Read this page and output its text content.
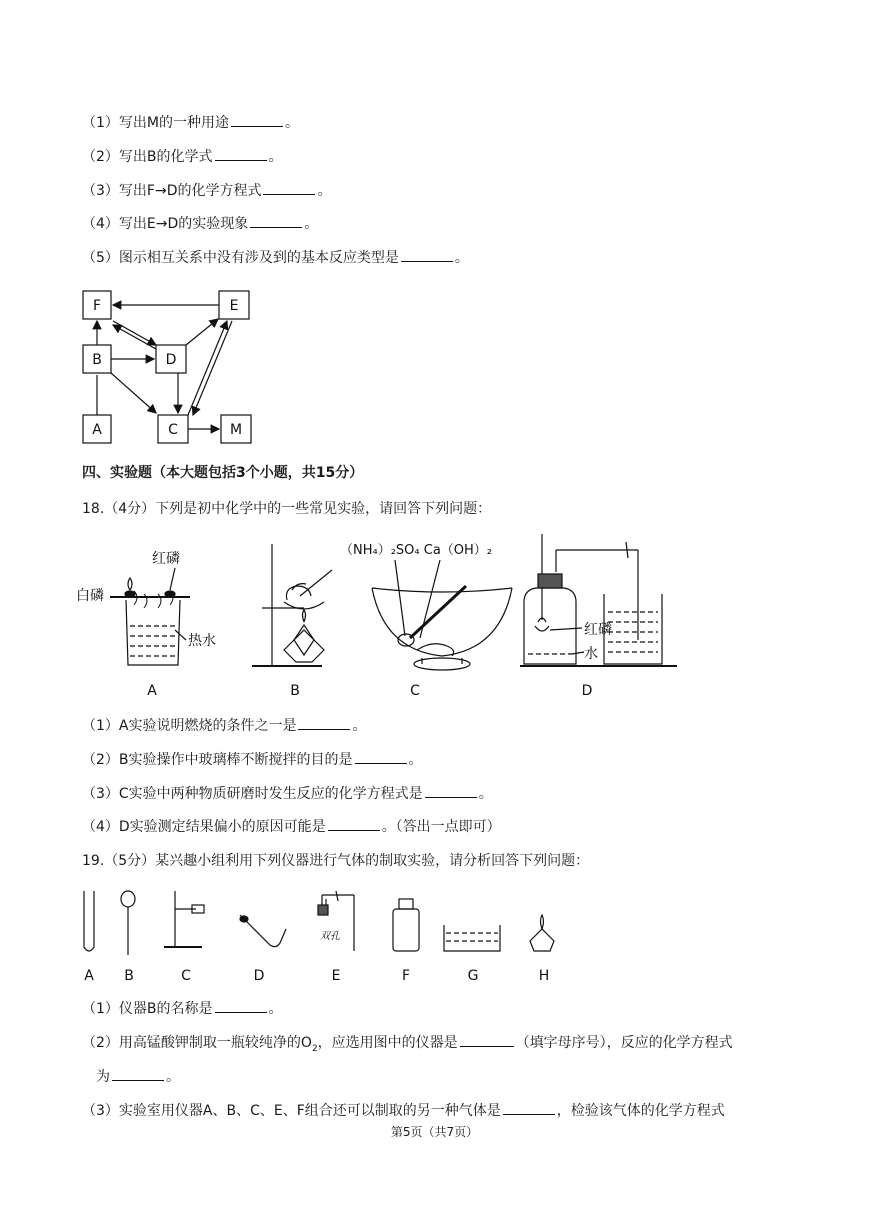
（1）写出M的一种用途	。
（2）写出B的化学式	。
（3）写出F→D的化学方程式	。
（4）写出E→D的实验现象	。
（5）图示相互关系中没有涉及到的基本反应类型是	。
F	E
B	D
A	C	M
四、实验题（本大题包括3个小题，共15分）
18.（4分）下列是初中化学中的一些常见实验，请回答下列问题：
白磷
红磷
热水
（NH₄）₂SO₄ Ca（OH）₂
红磷
水
A	B	C	D
（1）A实验说明燃烧的条件之一是	。
（2）B实验操作中玻璃棒不断搅拌的目的是	。
（3）C实验中两种物质研磨时发生反应的化学方程式是	。
（4）D实验测定结果偏小的原因可能是	。（答出一点即可）
19.（5分）某兴趣小组利用下列仪器进行气体的制取实验，请分析回答下列问题：
双孔
A B	C	D	E	F	G	H
（1）仪器B的名称是	。
（2）用高锰酸钾制取一瓶较纯净的$O_2$，应选用图中的仪器是	（填字母序号），反应的化学方程式
为	。
（3）实验室用仪器A、B、C、E、F组合还可以制取的另一种气体是	，检验该气体的化学方程式
第5页（共7页）
